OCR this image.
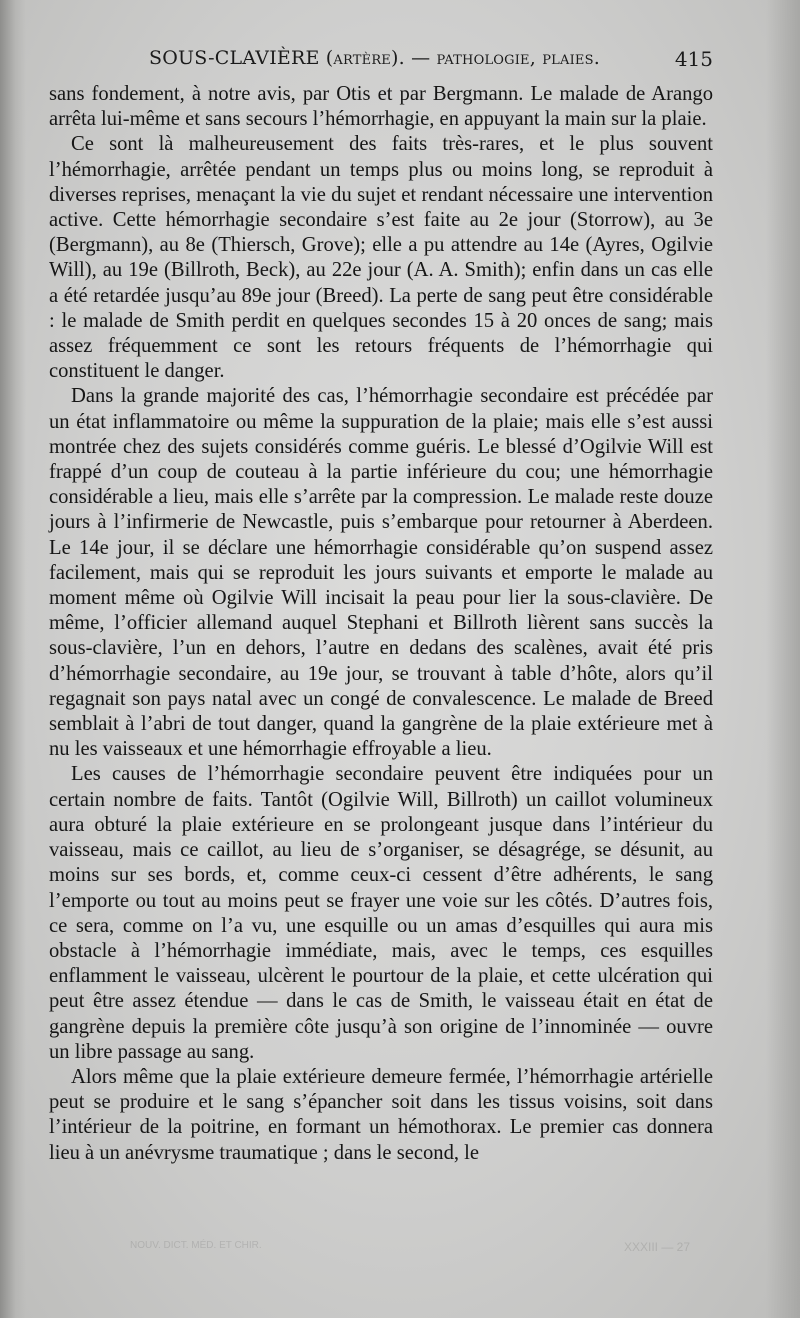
SOUS-CLAVIÈRE (artère). — pathologie, plaies.	415

sans fondement, à notre avis, par Otis et par Bergmann. Le malade de Arango arrêta lui-même et sans secours l’hémorrhagie, en appuyant la main sur la plaie.

Ce sont là malheureusement des faits très-rares, et le plus souvent l’hémorrhagie, arrêtée pendant un temps plus ou moins long, se reproduit à diverses reprises, menaçant la vie du sujet et rendant nécessaire une intervention active. Cette hémorrhagie secondaire s’est faite au 2e jour (Storrow), au 3e (Bergmann), au 8e (Thiersch, Grove); elle a pu attendre au 14e (Ayres, Ogilvie Will), au 19e (Billroth, Beck), au 22e jour (A. A. Smith); enfin dans un cas elle a été retardée jusqu’au 89e jour (Breed). La perte de sang peut être considérable : le malade de Smith perdit en quelques secondes 15 à 20 onces de sang; mais assez fréquemment ce sont les retours fréquents de l’hémorrhagie qui constituent le danger.

Dans la grande majorité des cas, l’hémorrhagie secondaire est précédée par un état inflammatoire ou même la suppuration de la plaie; mais elle s’est aussi montrée chez des sujets considérés comme guéris. Le blessé d’Ogilvie Will est frappé d’un coup de couteau à la partie inférieure du cou; une hémorrhagie considérable a lieu, mais elle s’arrête par la compression. Le malade reste douze jours à l’infirmerie de Newcastle, puis s’embarque pour retourner à Aberdeen. Le 14e jour, il se déclare une hémorrhagie considérable qu’on suspend assez facilement, mais qui se reproduit les jours suivants et emporte le malade au moment même où Ogilvie Will incisait la peau pour lier la sous-clavière. De même, l’officier allemand auquel Stephani et Billroth lièrent sans succès la sous-clavière, l’un en dehors, l’autre en dedans des scalènes, avait été pris d’hémorrhagie secondaire, au 19e jour, se trouvant à table d’hôte, alors qu’il regagnait son pays natal avec un congé de convalescence. Le malade de Breed semblait à l’abri de tout danger, quand la gangrène de la plaie extérieure met à nu les vaisseaux et une hémorrhagie effroyable a lieu.

Les causes de l’hémorrhagie secondaire peuvent être indiquées pour un certain nombre de faits. Tantôt (Ogilvie Will, Billroth) un caillot volumineux aura obturé la plaie extérieure en se prolongeant jusque dans l’intérieur du vaisseau, mais ce caillot, au lieu de s’organiser, se désagrége, se désunit, au moins sur ses bords, et, comme ceux-ci cessent d’être adhérents, le sang l’emporte ou tout au moins peut se frayer une voie sur les côtés. D’autres fois, ce sera, comme on l’a vu, une esquille ou un amas d’esquilles qui aura mis obstacle à l’hémorrhagie immédiate, mais, avec le temps, ces esquilles enflamment le vaisseau, ulcèrent le pourtour de la plaie, et cette ulcération qui peut être assez étendue — dans le cas de Smith, le vaisseau était en état de gangrène depuis la première côte jusqu’à son origine de l’innominée — ouvre un libre passage au sang.

Alors même que la plaie extérieure demeure fermée, l’hémorrhagie artérielle peut se produire et le sang s’épancher soit dans les tissus voisins, soit dans l’intérieur de la poitrine, en formant un hémothorax. Le premier cas donnera lieu à un anévrysme traumatique ; dans le second, le

NOUV. DICT. MÉD. ET CHIR.	XXXIII — 27
